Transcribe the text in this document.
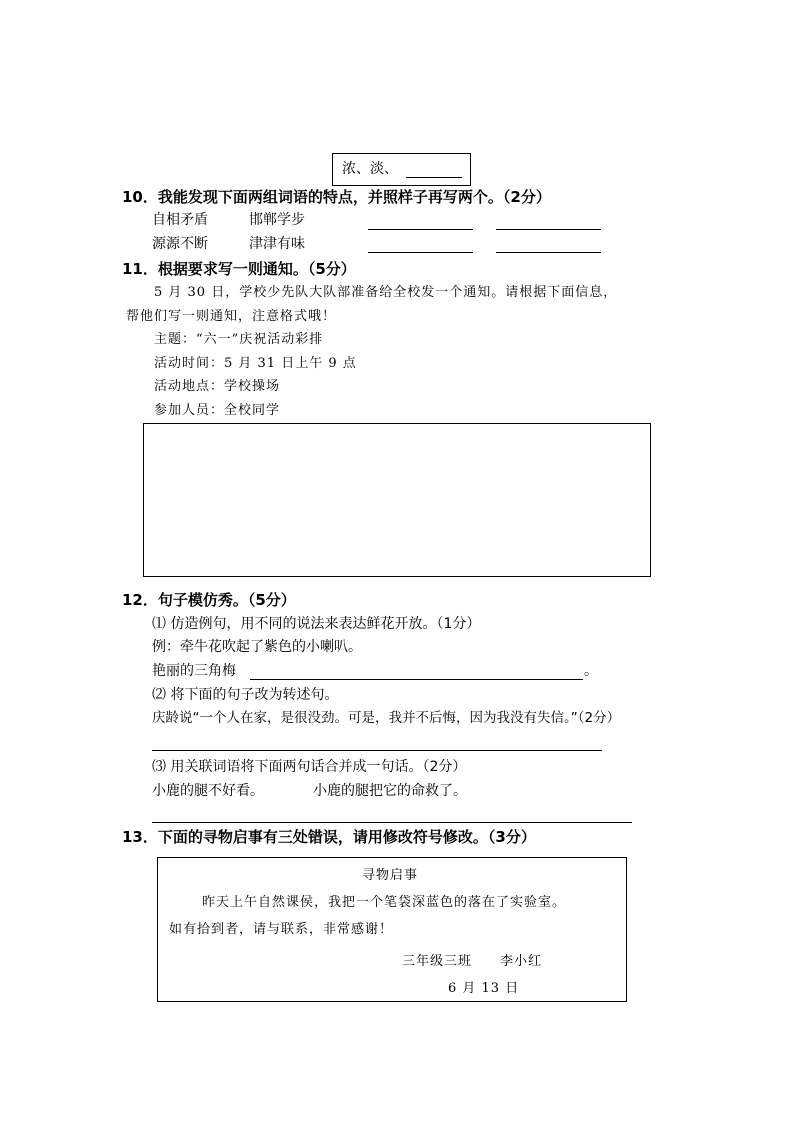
浓、淡、
10．我能发现下面两组词语的特点，并照样子再写两个。（2分）
自相矛盾	邯郸学步
源源不断	津津有味
11．根据要求写一则通知。（5分）
5 月 30 日，学校少先队大队部准备给全校发一个通知。请根据下面信息，
帮他们写一则通知，注意格式哦！
主题：“六一”庆祝活动彩排
活动时间：5 月 31 日上午 9 点
活动地点：学校操场
参加人员：全校同学
12．句子模仿秀。（5分）
⑴ 仿造例句，用不同的说法来表达鲜花开放。（1分）
例：牵牛花吹起了紫色的小喇叭。
艳丽的三角梅	。
⑵ 将下面的句子改为转述句。
庆龄说“一个人在家，是很没劲。可是，我并不后悔，因为我没有失信。”（2分）
⑶ 用关联词语将下面两句话合并成一句话。（2分）
小鹿的腿不好看。	小鹿的腿把它的命救了。
13．下面的寻物启事有三处错误，请用修改符号修改。（3分）
寻物启事
昨天上午自然课侯，我把一个笔袋深蓝色的落在了实验室。
如有拾到者，请与联系，非常感谢！
三年级三班　　李小红
6 月 13 日
